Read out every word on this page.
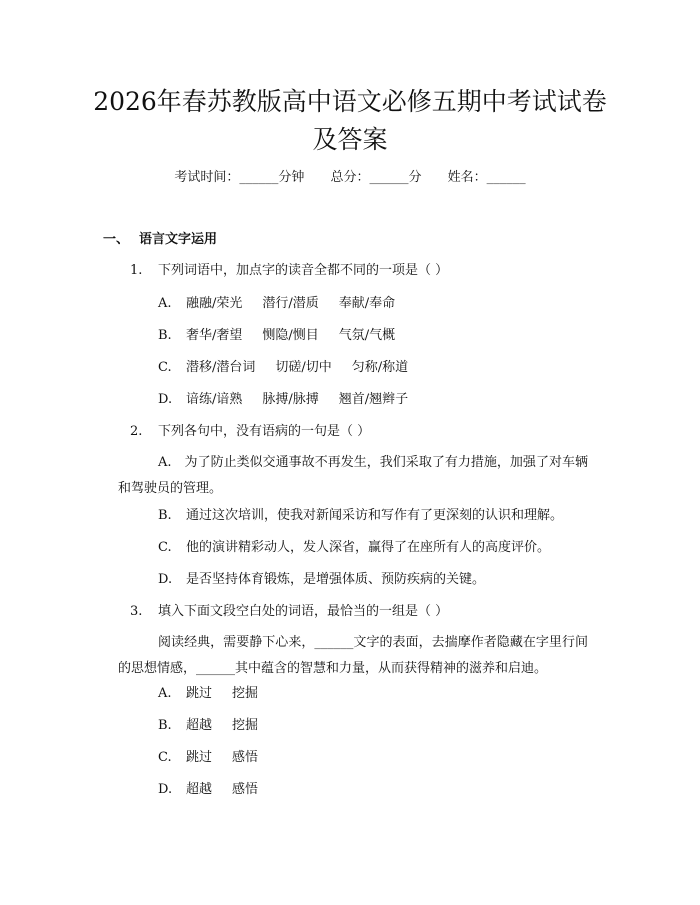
2026年春苏教版高中语文必修五期中考试试卷及答案
考试时间：______分钟 总分：______分 姓名：______
一、 语言文字运用
1. 下列词语中，加点字的读音全都不同的一项是（ ）
A. 融融/荣光 潜行/潜质 奉献/奉命
B. 奢华/奢望 恻隐/恻目 气氛/气概
C. 潜移/潜台词 切磋/切中 匀称/称道
D. 谙练/谙熟 脉搏/脉搏 翘首/翘辫子
2. 下列各句中，没有语病的一句是（ ）
A.　为了防止类似交通事故不再发生，我们采取了有力措施，加强了对车辆和驾驶员的管理。
B. 通过这次培训，使我对新闻采访和写作有了更深刻的认识和理解。
C. 他的演讲精彩动人，发人深省，赢得了在座所有人的高度评价。
D. 是否坚持体育锻炼，是增强体质、预防疾病的关键。
3. 填入下面文段空白处的词语，最恰当的一组是（ ）
阅读经典，需要静下心来，______文字的表面，去揣摩作者隐藏在字里行间的思想情感，______其中蕴含的智慧和力量，从而获得精神的滋养和启迪。
A. 跳过 挖掘
B. 超越 挖掘
C. 跳过 感悟
D. 超越 感悟
